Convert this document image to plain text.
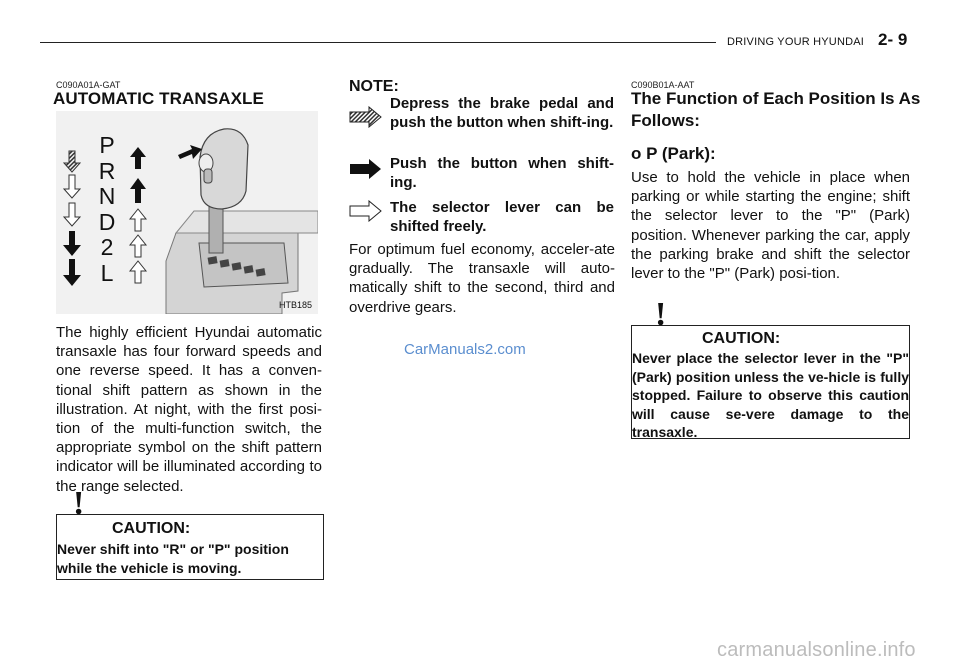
DRIVING YOUR HYUNDAI 2- 9
C090A01A-GAT
AUTOMATIC TRANSAXLE
P
R
N
D
2
L
HTB185
The highly efficient Hyundai automatic transaxle has four forward speeds and one reverse speed. It has a conven-tional shift pattern as shown in the illustration. At night, with the first posi-tion of the multi-function switch, the appropriate symbol on the shift pattern indicator will be illuminated according to the range selected.
!
CAUTION:
Never shift into "R" or "P" position while the vehicle is moving.
NOTE:
Depress the brake pedal and push the button when shift-ing.
Push the button when shift-ing.
The selector lever can be shifted freely.
For optimum fuel economy, acceler-ate gradually. The transaxle will auto-matically shift to the second, third and overdrive gears.
CarManuals2.com
C090B01A-AAT
The Function of Each Position Is As Follows:
o P (Park):
Use to hold the vehicle in place when parking or while starting the engine; shift the selector lever to the "P" (Park) position. Whenever parking the car, apply the parking brake and shift the selector lever to the "P" (Park) posi-tion.
!
CAUTION:
Never place the selector lever in the "P" (Park) position unless the ve-hicle is fully stopped. Failure to observe this caution will cause se-vere damage to the transaxle.
carmanualsonline.info
